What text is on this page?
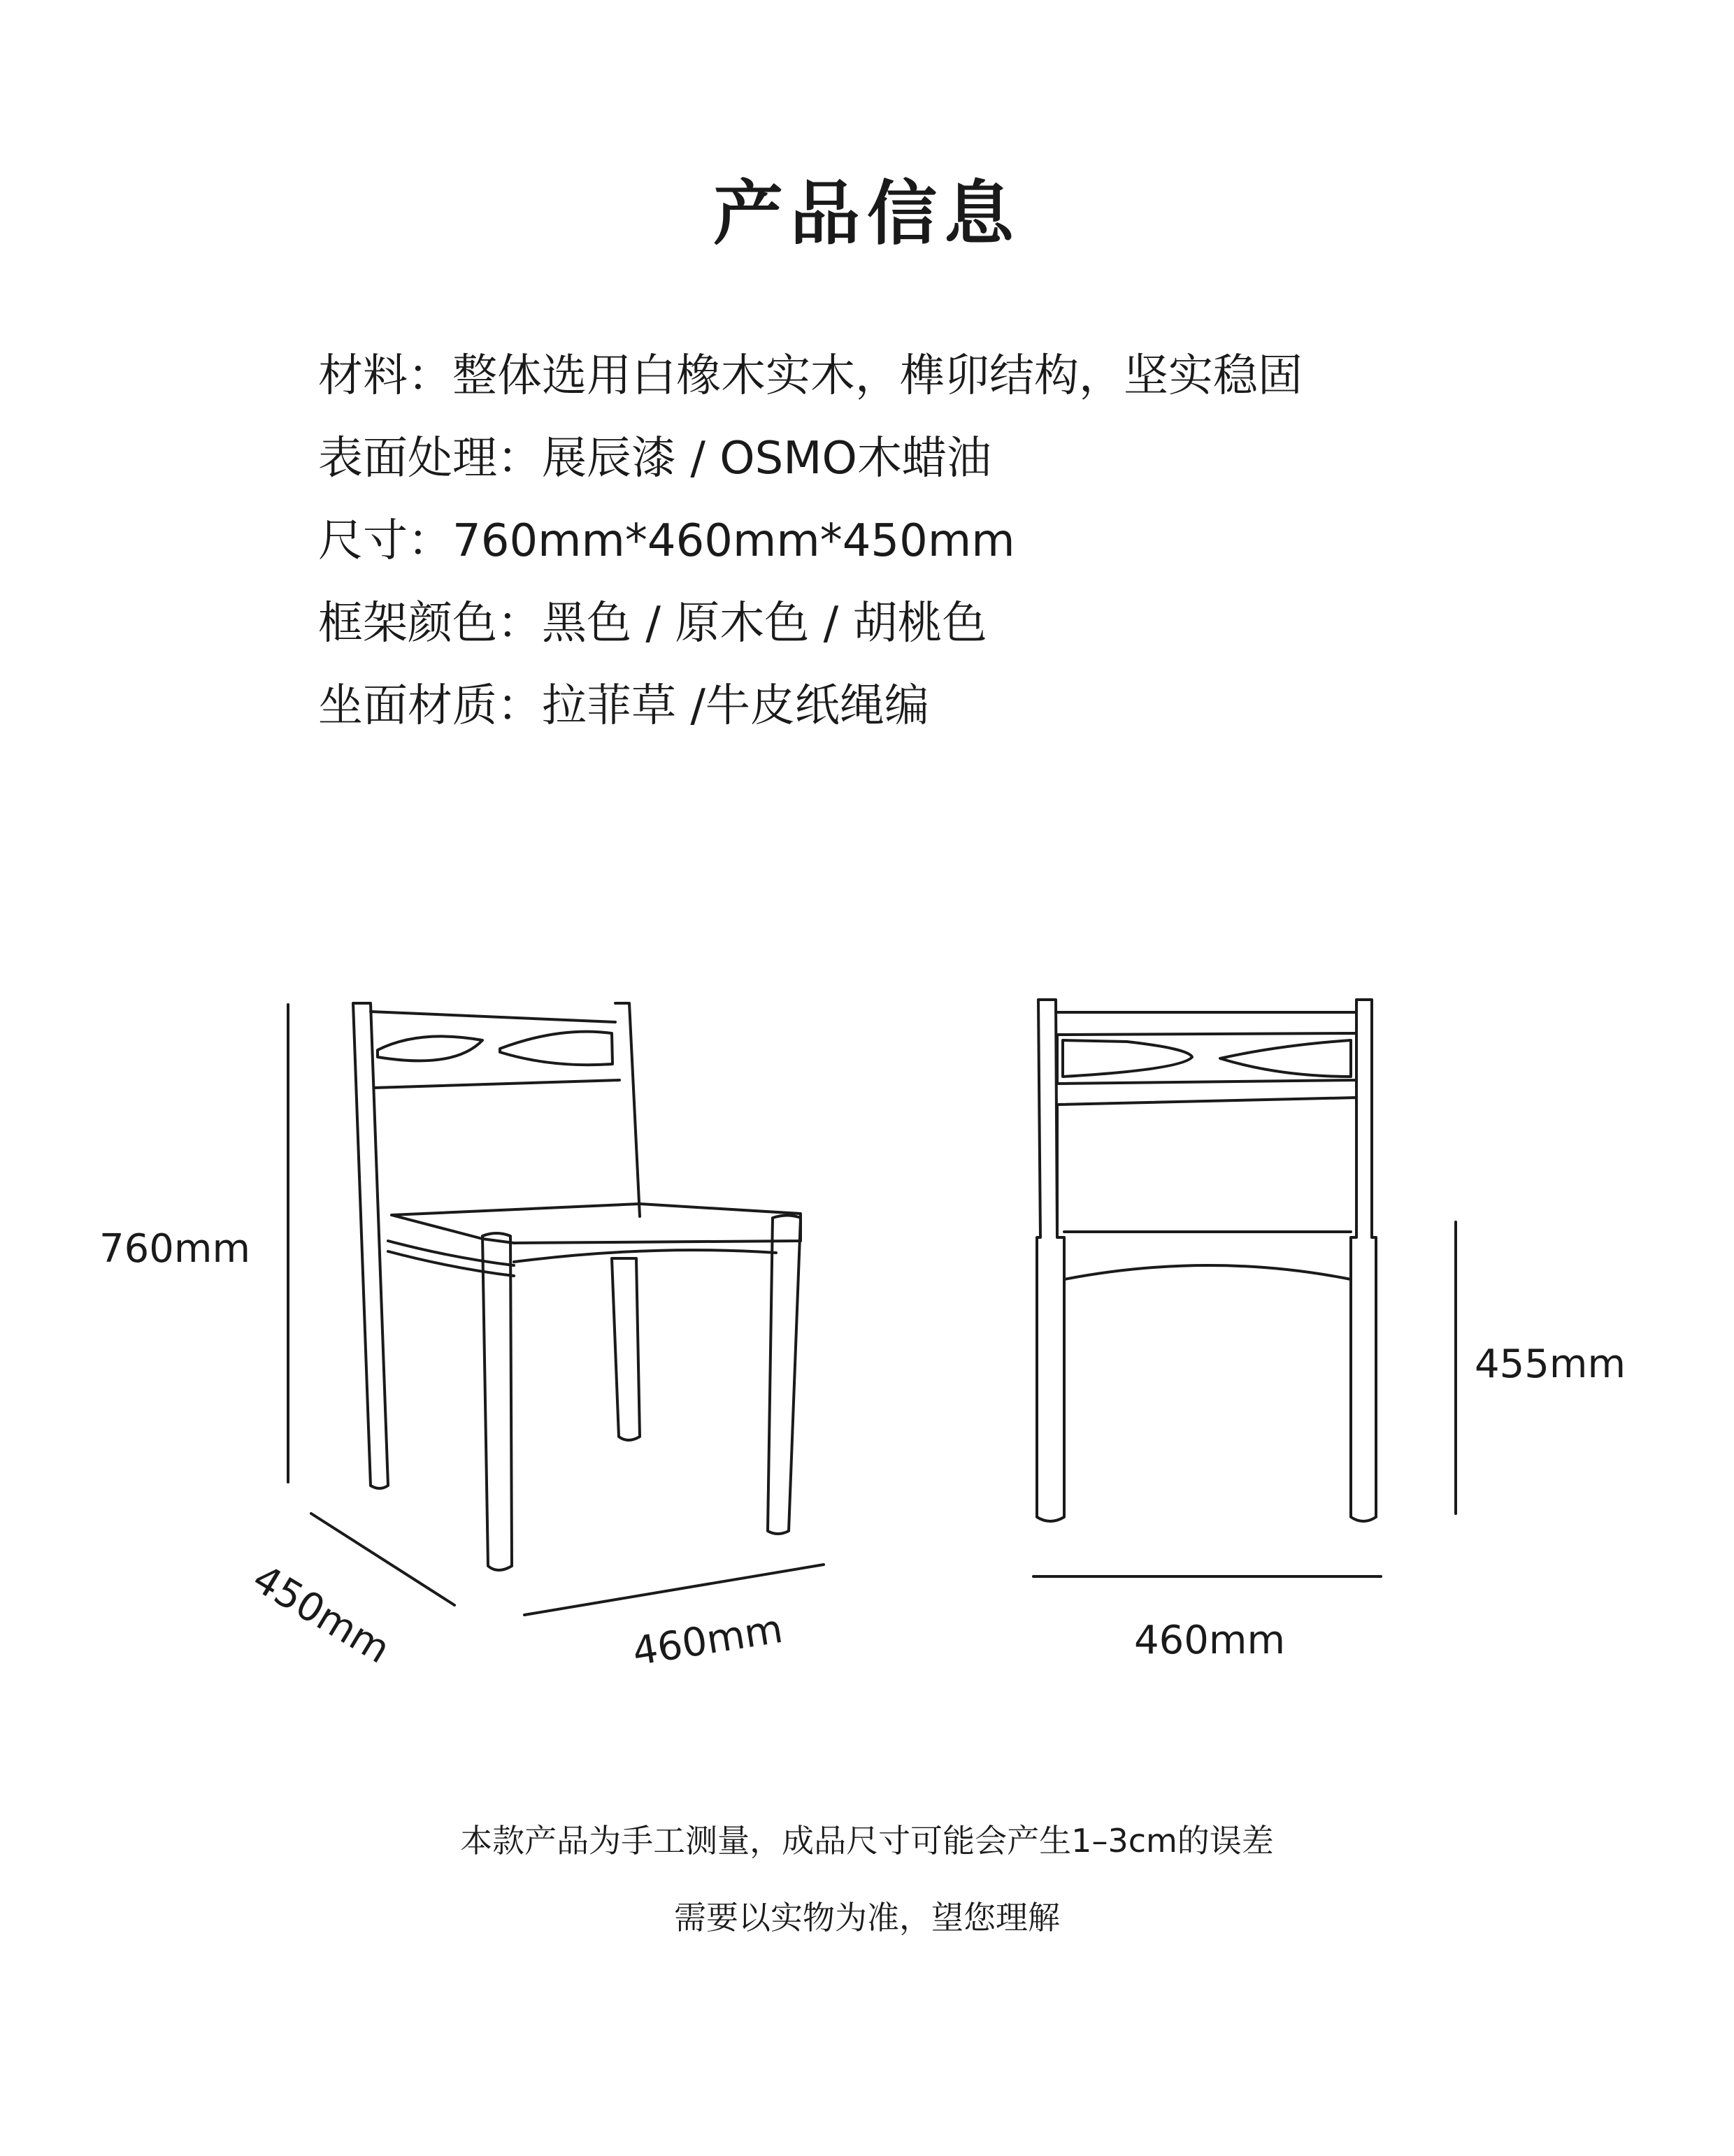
产品信息
材料：整体选用白橡木实木，榫卯结构，坚实稳固
表面处理：展辰漆 / OSMO木蜡油
尺寸：760mm*460mm*450mm
框架颜色：黑色 / 原木色 / 胡桃色
坐面材质：拉菲草 /牛皮纸绳编
760mm
450mm	460mm
455mm
460mm

本款产品为手工测量，成品尺寸可能会产生1–3cm的误差

需要以实物为准，望您理解
